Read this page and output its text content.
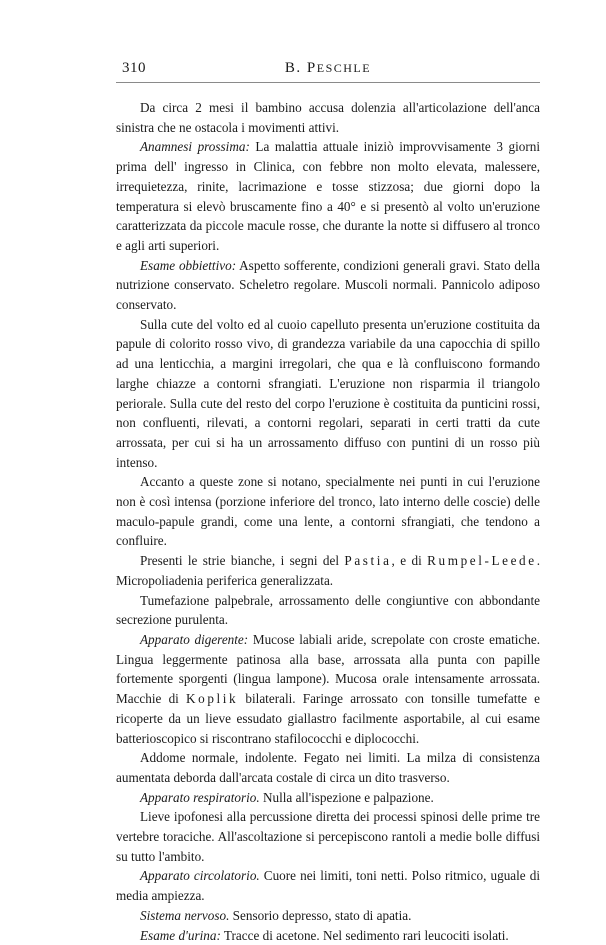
310	B. PESCHLE

Da circa 2 mesi il bambino accusa dolenzia all'articolazione dell'anca sinistra che ne ostacola i movimenti attivi.

Anamnesi prossima: La malattia attuale iniziò improvvisamente 3 giorni prima dell' ingresso in Clinica, con febbre non molto elevata, malessere, irrequietezza, rinite, lacrimazione e tosse stizzosa; due giorni dopo la temperatura si elevò bruscamente fino a 40° e si presentò al volto un'eruzione caratterizzata da piccole macule rosse, che durante la notte si diffusero al tronco e agli arti superiori.

Esame obbiettivo: Aspetto sofferente, condizioni generali gravi. Stato della nutrizione conservato. Scheletro regolare. Muscoli normali. Pannicolo adiposo conservato.

Sulla cute del volto ed al cuoio capelluto presenta un'eruzione costituita da papule di colorito rosso vivo, di grandezza variabile da una capocchia di spillo ad una lenticchia, a margini irregolari, che qua e là confluiscono formando larghe chiazze a contorni sfrangiati. L'eruzione non risparmia il triangolo periorale. Sulla cute del resto del corpo l'eruzione è costituita da punticini rossi, non confluenti, rilevati, a contorni regolari, separati in certi tratti da cute arrossata, per cui si ha un arrossamento diffuso con puntini di un rosso più intenso.

Accanto a queste zone si notano, specialmente nei punti in cui l'eruzione non è così intensa (porzione inferiore del tronco, lato interno delle coscie) delle maculo-papule grandi, come una lente, a contorni sfrangiati, che tendono a confluire.

Presenti le strie bianche, i segni del Pastia, e di Rumpel-Leede. Micropoliadenia periferica generalizzata.

Tumefazione palpebrale, arrossamento delle congiuntive con abbondante secrezione purulenta.

Apparato digerente: Mucose labiali aride, screpolate con croste ematiche. Lingua leggermente patinosa alla base, arrossata alla punta con papille fortemente sporgenti (lingua lampone). Mucosa orale intensamente arrossata. Macchie di Koplik bilaterali. Faringe arrossato con tonsille tumefatte e ricoperte da un lieve essudato giallastro facilmente asportabile, al cui esame batterioscopico si riscontrano stafilococchi e diplococchi.

Addome normale, indolente. Fegato nei limiti. La milza di consistenza aumentata deborda dall'arcata costale di circa un dito trasverso.

Apparato respiratorio. Nulla all'ispezione e palpazione.

Lieve ipofonesi alla percussione diretta dei processi spinosi delle prime tre vertebre toraciche. All'ascoltazione si percepiscono rantoli a medie bolle diffusi su tutto l'ambito.

Apparato circolatorio. Cuore nei limiti, toni netti. Polso ritmico, uguale di media ampiezza.

Sistema nervoso. Sensorio depresso, stato di apatia.

Esame d'urina: Tracce di acetone. Nel sedimento rari leucociti isolati.
